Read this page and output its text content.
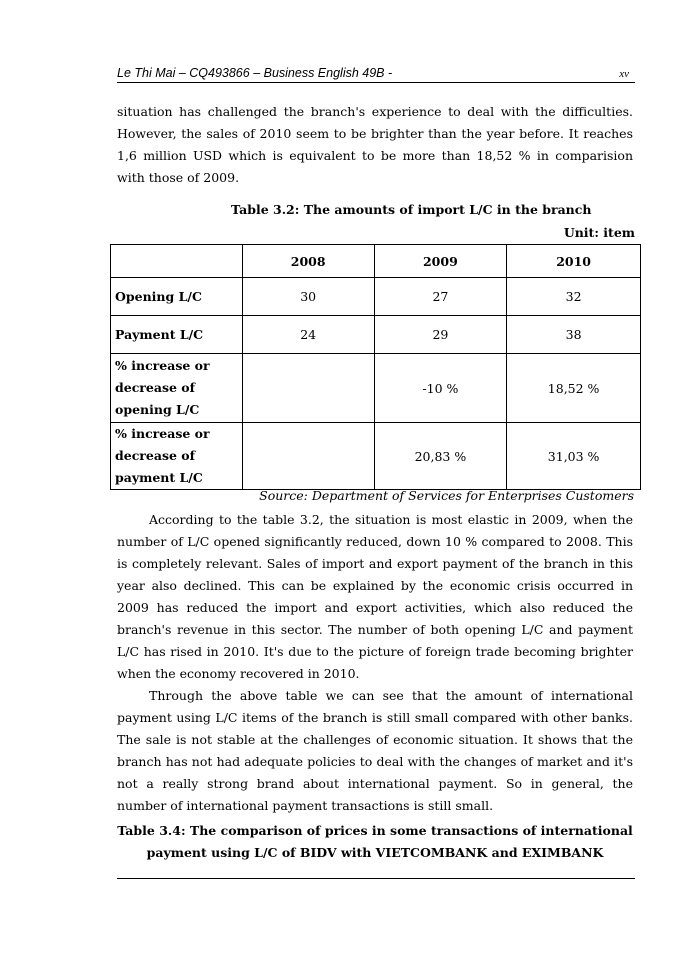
Le Thi Mai – CQ493866 – Business English 49B -	xv

situation has challenged the branch's experience to deal with the difficulties. However, the sales of 2010 seem to be brighter than the year before. It reaches 1,6 million USD which is equivalent to be more than 18,52 % in comparision with those of 2009.

Table 3.2: The amounts of import L/C in the branch
Unit: item
	2008	2009	2010
Opening L/C	30	27	32
Payment L/C	24	29	38
% increase or decrease of opening L/C		-10 %	18,52 %
% increase or decrease of payment L/C		20,83 %	31,03 %
Source: Department of Services for Enterprises Customers

According to the table 3.2, the situation is most elastic in 2009, when the number of L/C opened significantly reduced, down 10 % compared to 2008. This is completely relevant. Sales of import and export payment of the branch in this year also declined. This can be explained by the economic crisis occurred in 2009 has reduced the import and export activities, which also reduced the branch's revenue in this sector. The number of both opening L/C and payment L/C has rised in 2010. It's due to the picture of foreign trade becoming brighter when the economy recovered in 2010.

Through the above table we can see that the amount of international payment using L/C items of the branch is still small compared with other banks. The sale is not stable at the challenges of economic situation. It shows that the branch has not had adequate policies to deal with the changes of market and it's not a really strong brand about international payment. So in general, the number of international payment transactions is still small.

Table 3.4: The comparison of prices in some transactions of international
payment using L/C of BIDV with VIETCOMBANK and EXIMBANK
